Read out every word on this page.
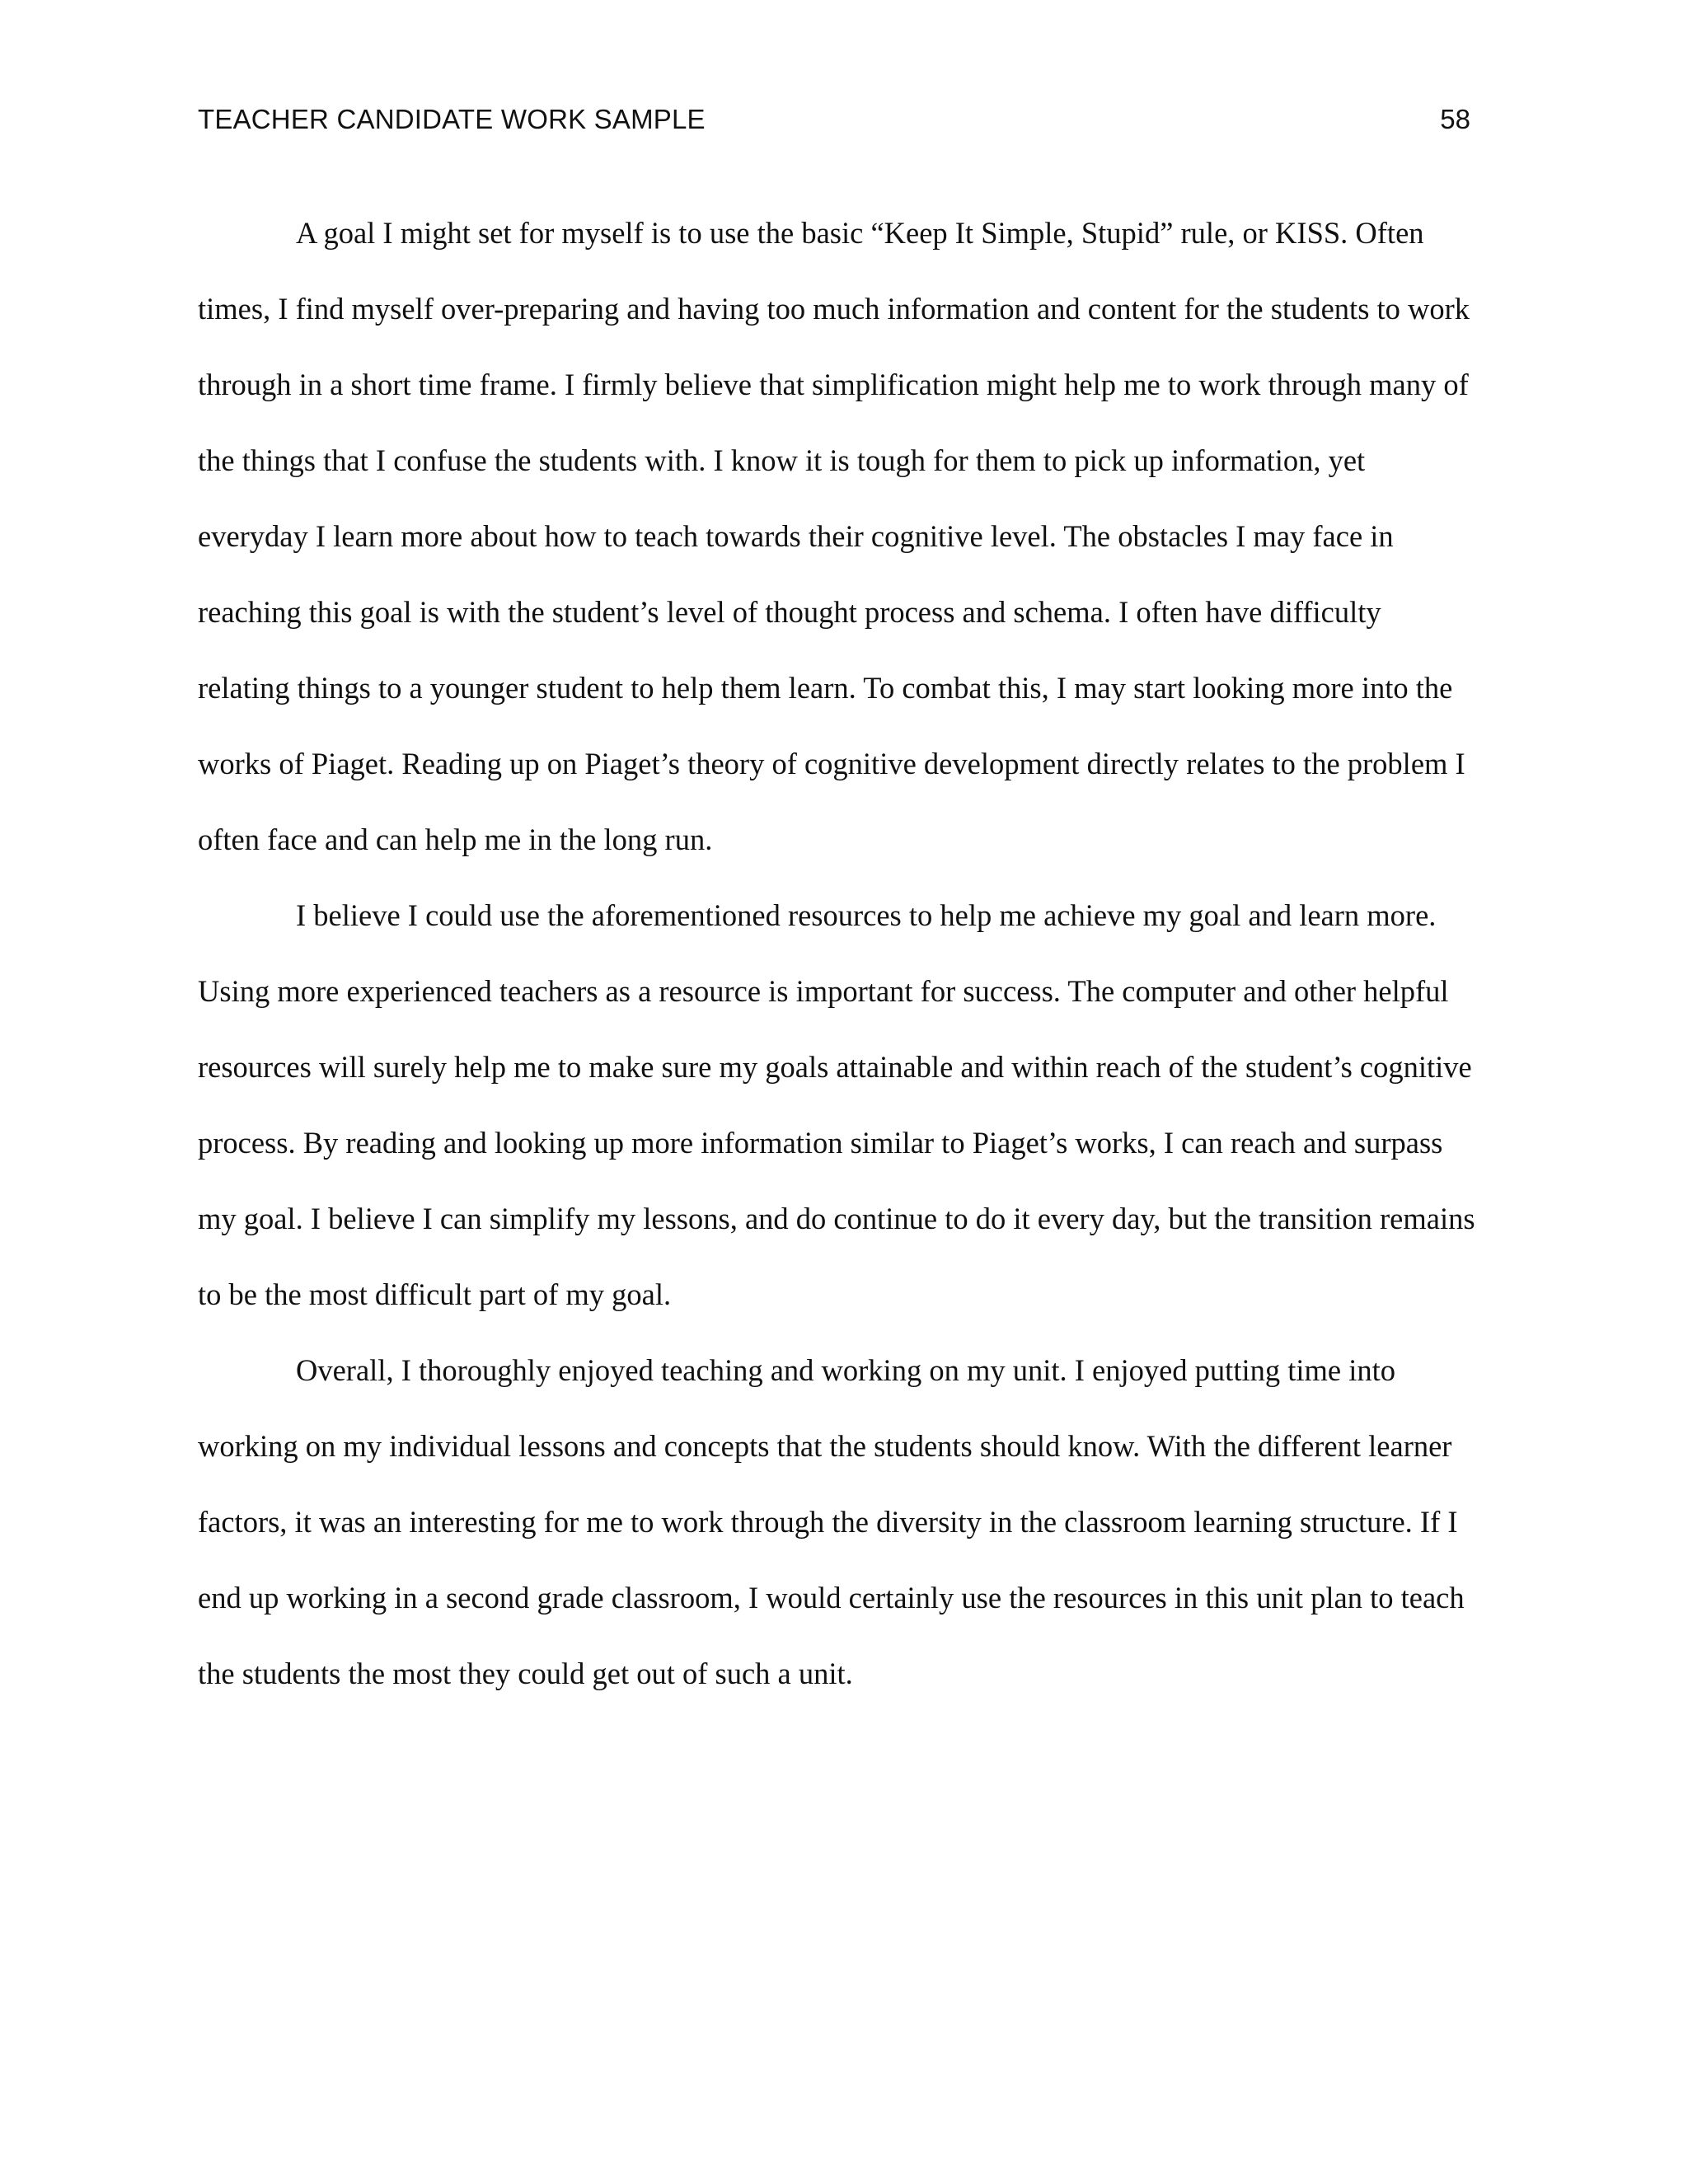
TEACHER CANDIDATE WORK SAMPLE	58

A goal I might set for myself is to use the basic “Keep It Simple, Stupid” rule, or KISS. Often times, I find myself over-preparing and having too much information and content for the students to work through in a short time frame. I firmly believe that simplification might help me to work through many of the things that I confuse the students with. I know it is tough for them to pick up information, yet everyday I learn more about how to teach towards their cognitive level. The obstacles I may face in reaching this goal is with the student’s level of thought process and schema. I often have difficulty relating things to a younger student to help them learn. To combat this, I may start looking more into the works of Piaget. Reading up on Piaget’s theory of cognitive development directly relates to the problem I often face and can help me in the long run.

I believe I could use the aforementioned resources to help me achieve my goal and learn more. Using more experienced teachers as a resource is important for success. The computer and other helpful resources will surely help me to make sure my goals attainable and within reach of the student’s cognitive process. By reading and looking up more information similar to Piaget’s works, I can reach and surpass my goal. I believe I can simplify my lessons, and do continue to do it every day, but the transition remains to be the most difficult part of my goal.

Overall, I thoroughly enjoyed teaching and working on my unit. I enjoyed putting time into working on my individual lessons and concepts that the students should know. With the different learner factors, it was an interesting for me to work through the diversity in the classroom learning structure. If I end up working in a second grade classroom, I would certainly use the resources in this unit plan to teach the students the most they could get out of such a unit.
